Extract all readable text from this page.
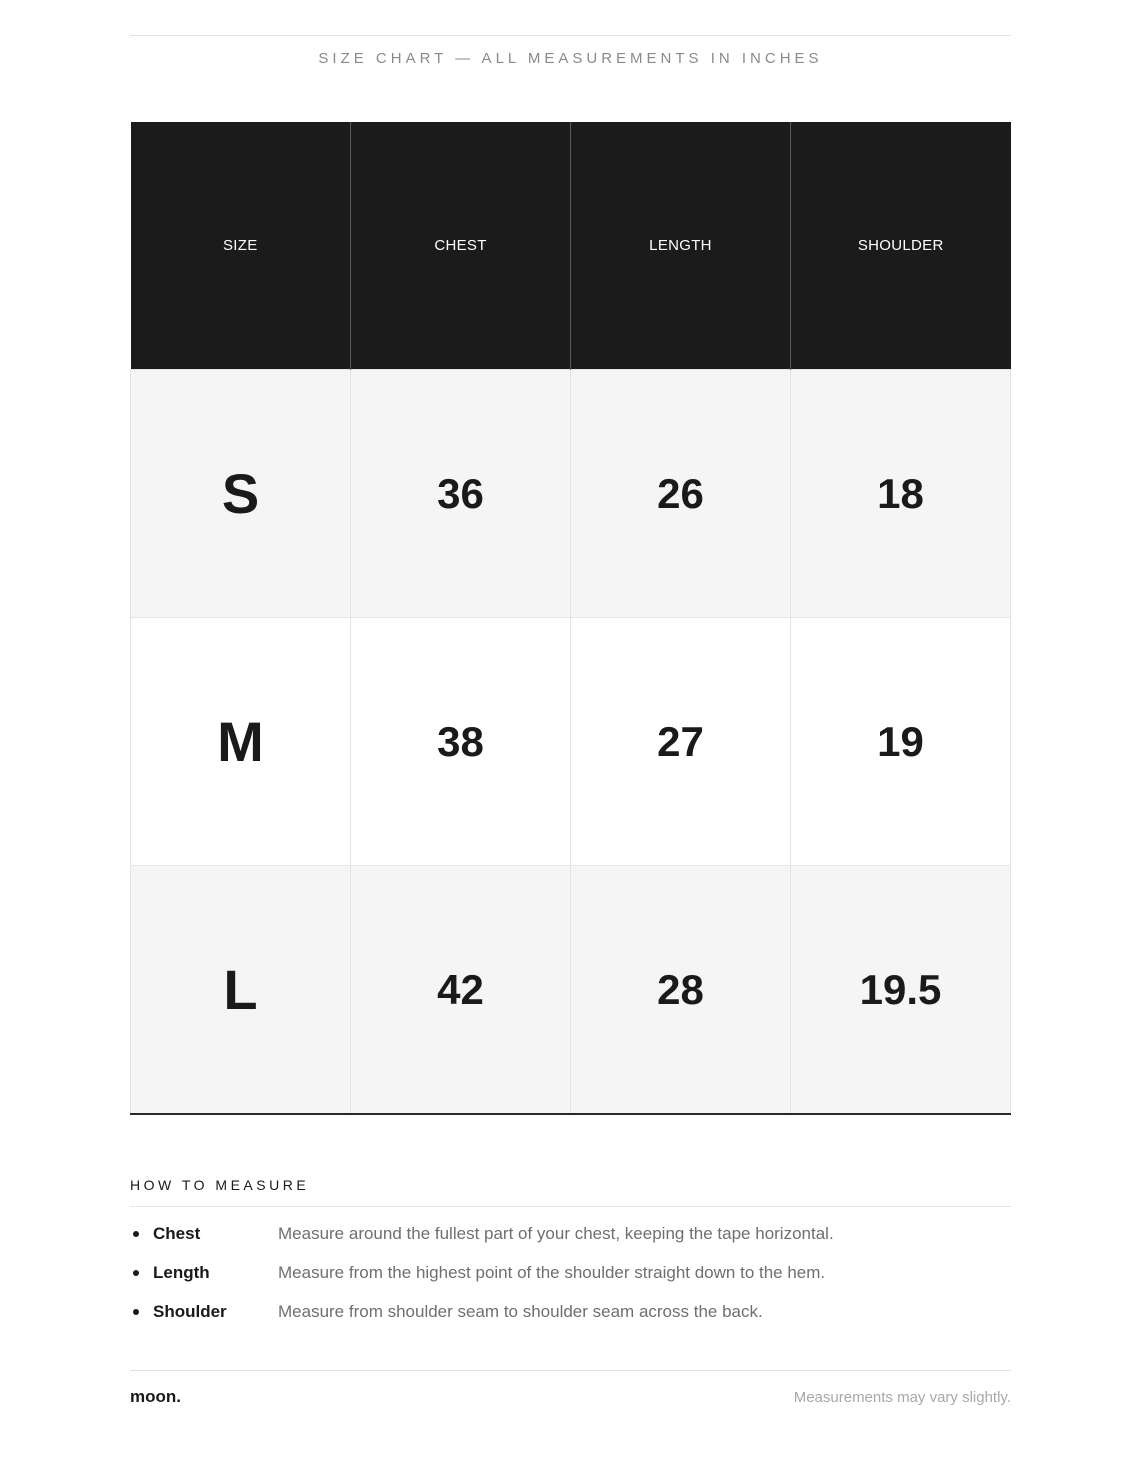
SIZE CHART — ALL MEASUREMENTS IN INCHES
SIZE	CHEST	LENGTH	SHOULDER
S	36	26	18
M	38	27	19
L	42	28	19.5
HOW TO MEASURE
Chest	Measure around the fullest part of your chest, keeping the tape horizontal.
Length	Measure from the highest point of the shoulder straight down to the hem.
Shoulder	Measure from shoulder seam to shoulder seam across the back.
moon.	Measurements may vary slightly.
